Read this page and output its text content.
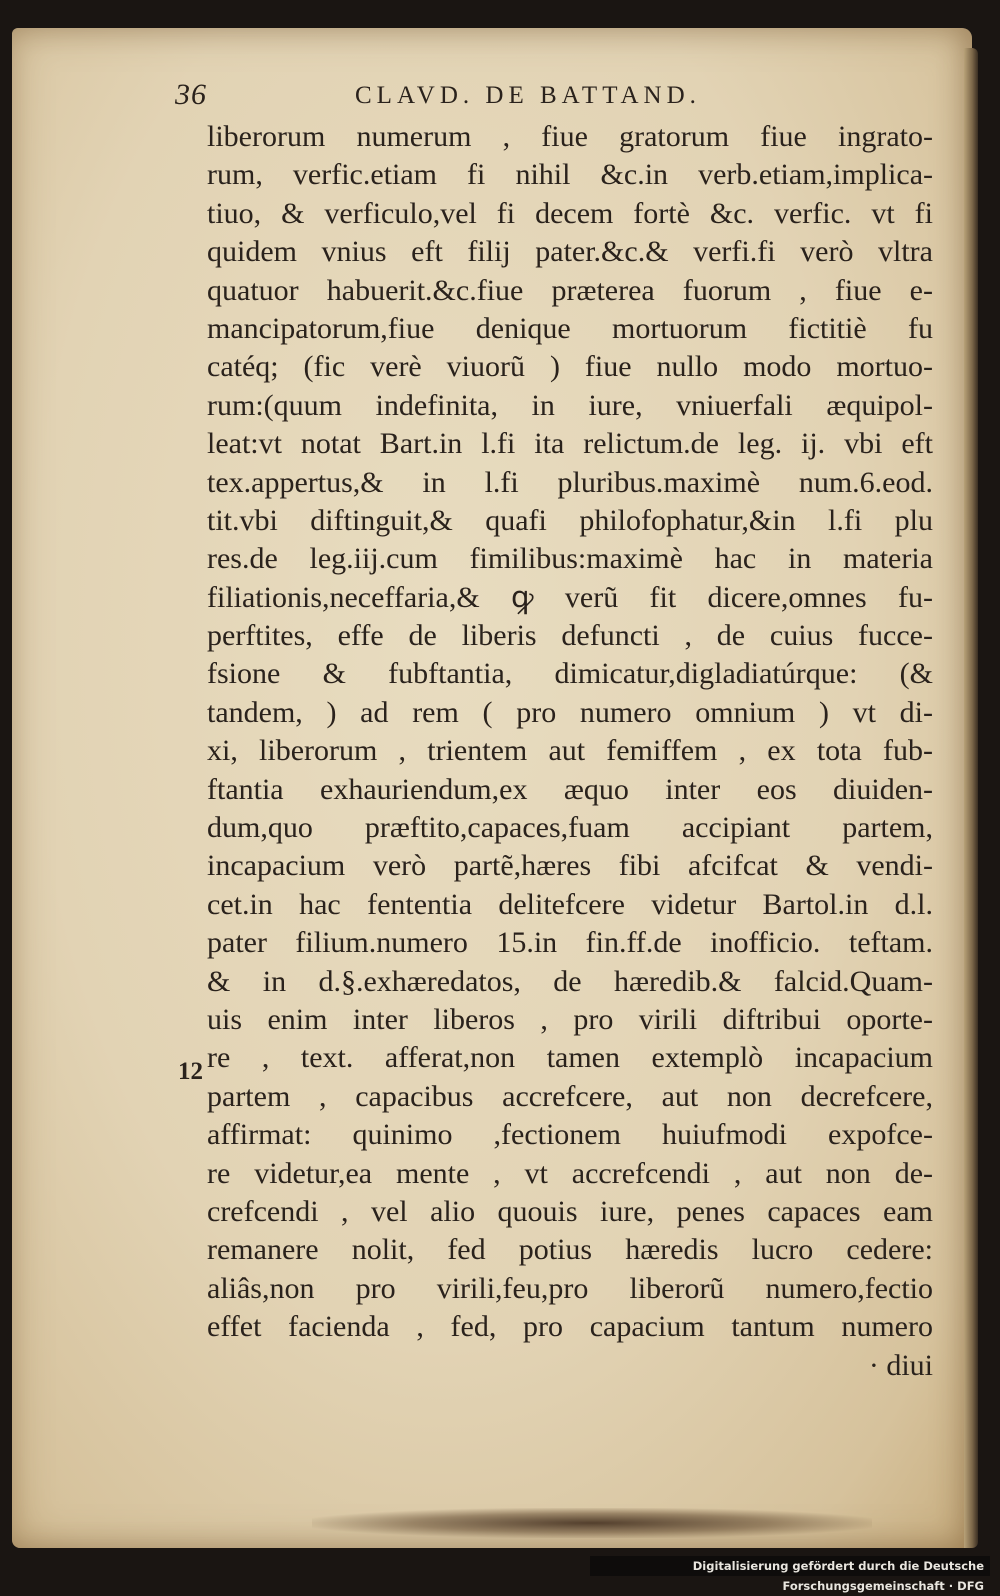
36	CLAVD. DE BATTAND.
12
liberorum numerum , fiue gratorum fiue ingrato-
rum, verfic.etiam fi nihil &c.in verb.etiam,implica-
tiuo, & verficulo,vel fi decem fortè &c. verfic. vt fi
quidem vnius eft filij pater.&c.& verfi.fi verò vltra
quatuor habuerit.&c.fiue præterea fuorum , fiue e-
mancipatorum,fiue denique mortuorum fictitiè fu
catéq; (fic verè viuorũ ) fiue nullo modo mortuo-
rum:(quum indefinita, in iure, vniuerfali æquipol-
leat:vt notat Bart.in l.fi ita relictum.de leg. ij. vbi eft
tex.appertus,& in l.fi pluribus.maximè num.6.eod.
tit.vbi diftinguit,& quafi philofophatur,&in l.fi plu
res.de leg.iij.cum fimilibus:maximè hac in materia
filiationis,neceffaria,& ꝙ verũ fit dicere,omnes fu-
perftites, effe de liberis defuncti , de cuius fucce-
fsione & fubftantia, dimicatur,digladiatúrque: (&
tandem, ) ad rem ( pro numero omnium ) vt di-
xi, liberorum , trientem aut femiffem , ex tota fub-
ftantia exhauriendum,ex æquo inter eos diuiden-
dum,quo præftito,capaces,fuam accipiant partem,
incapacium verò partẽ,hæres fibi afcifcat & vendi-
cet.in hac fententia delitefcere videtur Bartol.in d.l.
pater filium.numero 15.in fin.ff.de inofficio. teftam.
& in d.§.exhæredatos, de hæredib.& falcid.Quam-
uis enim inter liberos , pro virili diftribui oporte-
re , text. afferat,non tamen extemplò incapacium
partem , capacibus accrefcere, aut non decrefcere,
affirmat: quinimo ,fectionem huiufmodi expofce-
re videtur,ea mente , vt accrefcendi , aut non de-
crefcendi , vel alio quouis iure, penes capaces eam
remanere nolit, fed potius hæredis lucro cedere:
aliâs,non pro virili,feu,pro liberorũ numero,fectio
effet facienda , fed, pro capacium tantum numero
· diui
Digitalisierung gefördert durch die Deutsche Forschungsgemeinschaft · DFG
